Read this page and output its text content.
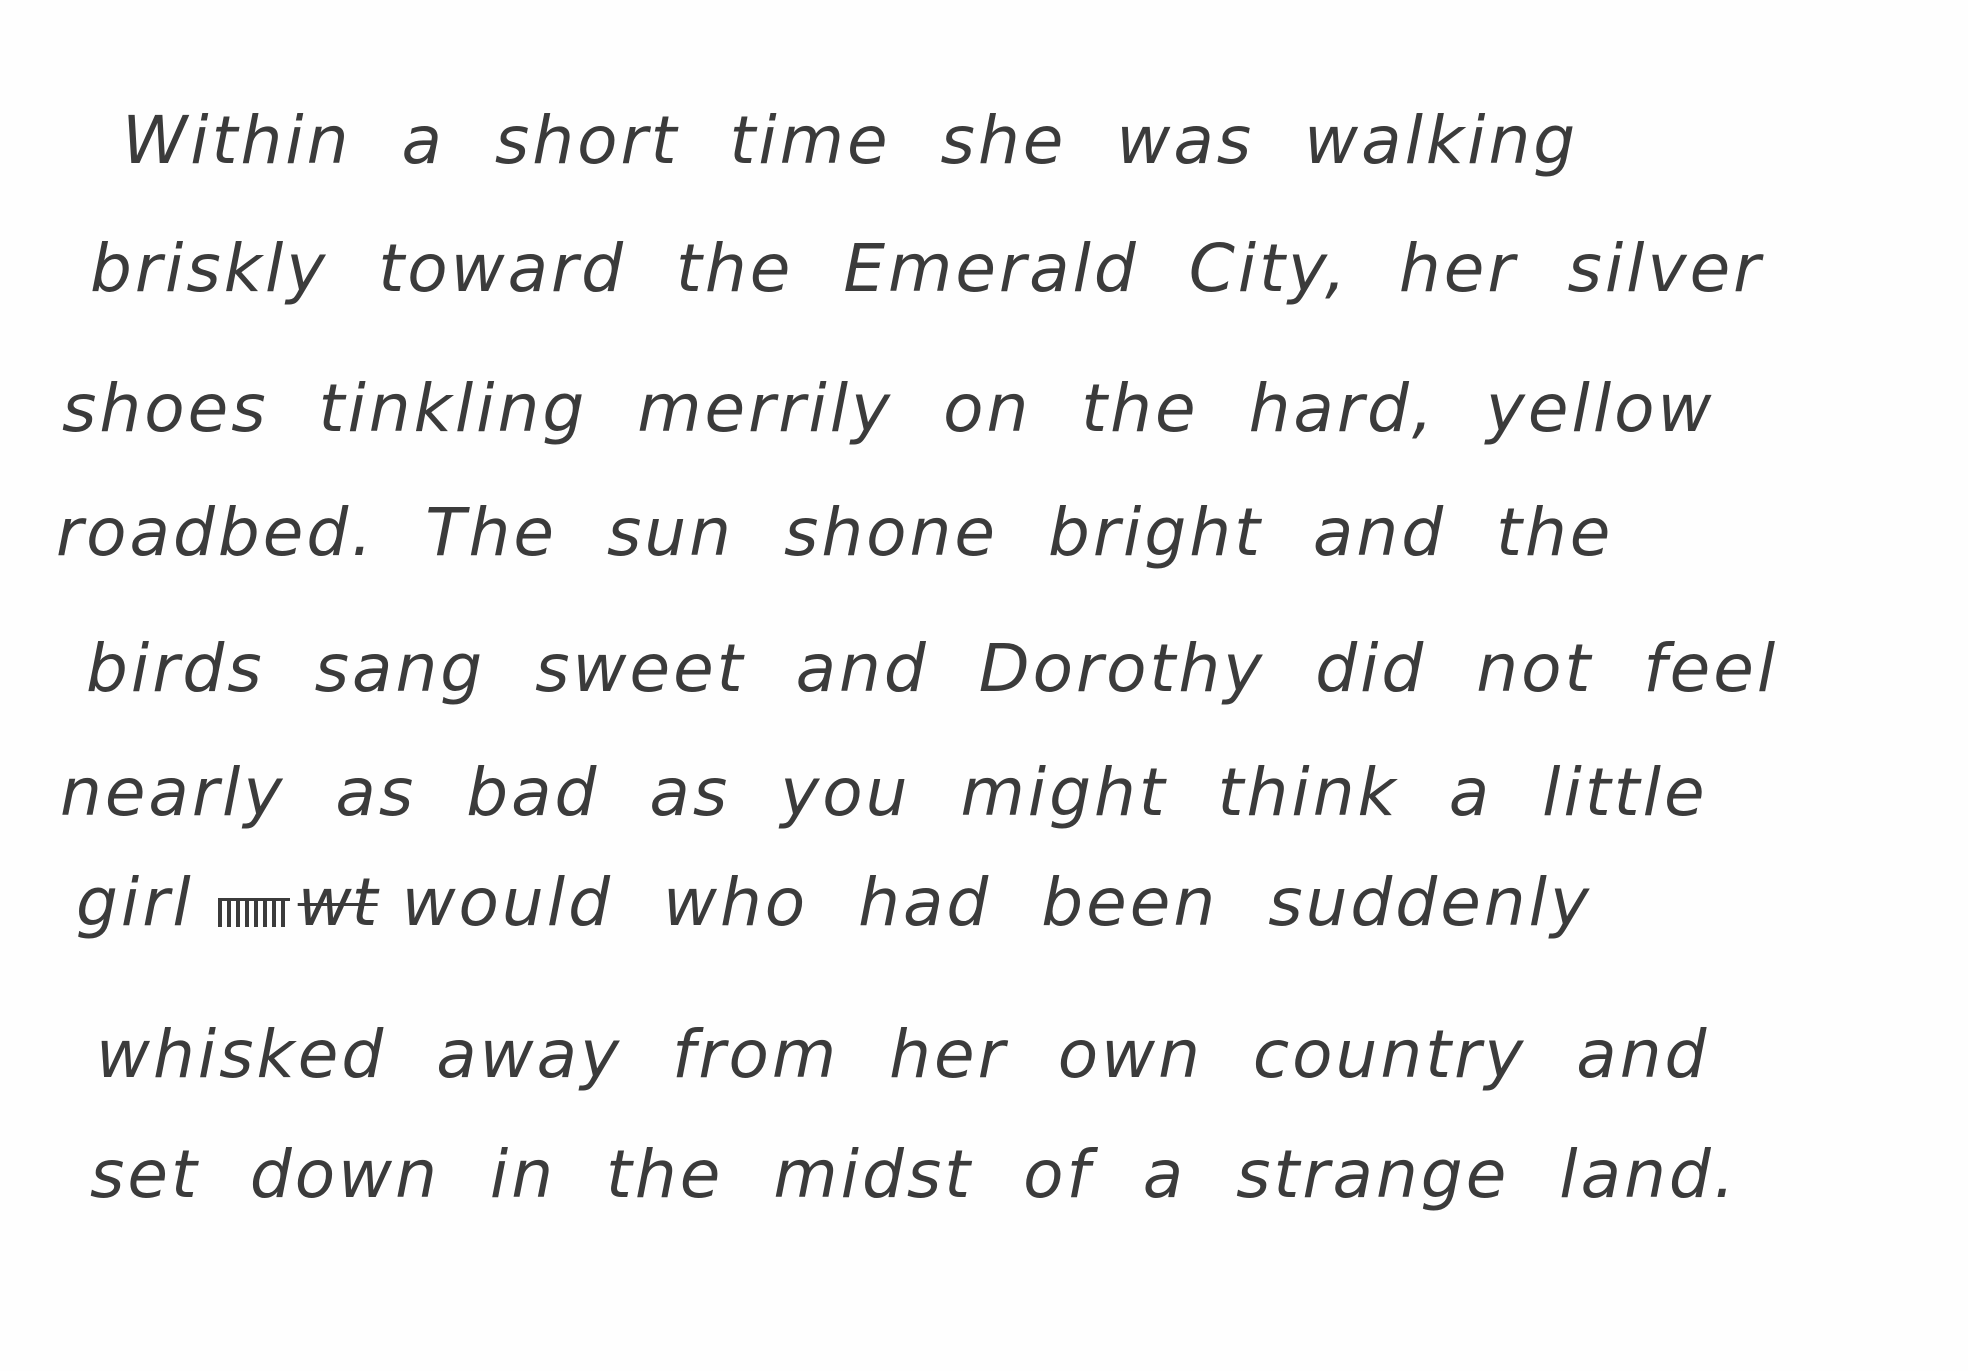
Within a short time she was walking
briskly toward the Emerald City, her silver
shoes tinkling merrily on the hard, yellow
roadbed. The sun shone bright and the
birds sang sweet and Dorothy did not feel
nearly as bad as you might think a little
girl wt would who had been suddenly
whisked away from her own country and
set down in the midst of a strange land.
